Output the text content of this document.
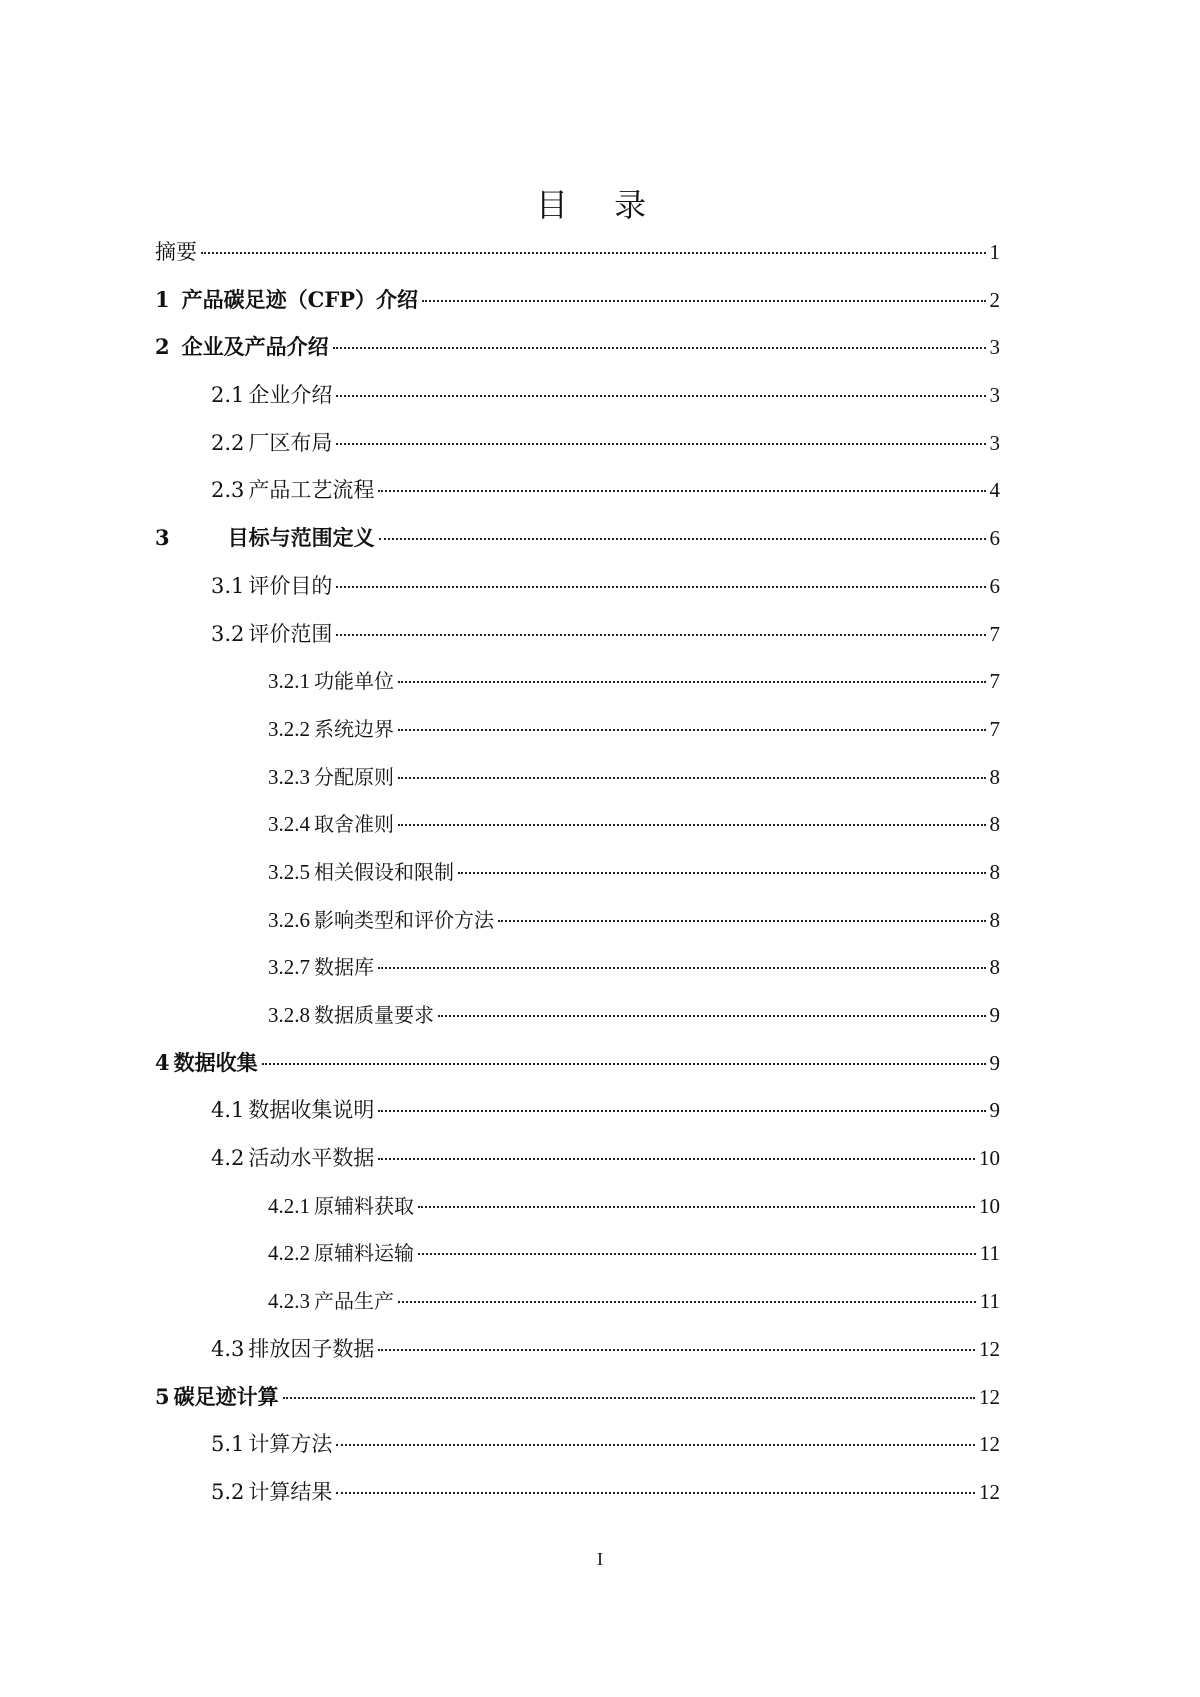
目 录
摘要	1
1 产品碳足迹（CFP）介绍	2
2 企业及产品介绍	3
2.1 企业介绍	3
2.2 厂区布局	3
2.3 产品工艺流程	4
3	目标与范围定义	6
3.1 评价目的	6
3.2 评价范围	7
3.2.1 功能单位	7
3.2.2 系统边界	7
3.2.3 分配原则	8
3.2.4 取舍准则	8
3.2.5 相关假设和限制	8
3.2.6 影响类型和评价方法	8
3.2.7 数据库	8
3.2.8 数据质量要求	9
4 数据收集	9
4.1 数据收集说明	9
4.2 活动水平数据	10
4.2.1 原辅料获取	10
4.2.2 原辅料运输	11
4.2.3 产品生产	11
4.3 排放因子数据	12
5 碳足迹计算	12
5.1 计算方法	12
5.2 计算结果	12
I
